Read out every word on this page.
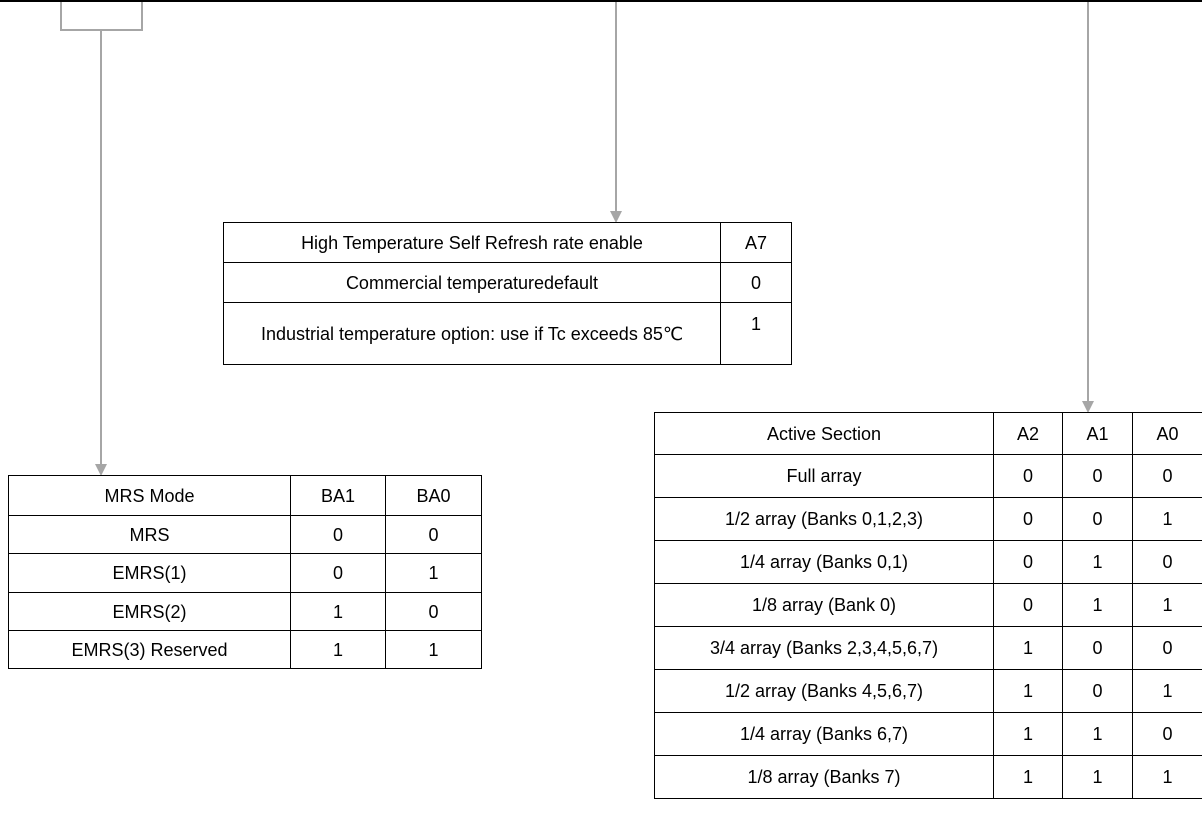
High Temperature Self Refresh rate enable	A7
Commercial temperaturedefault	0
Industrial temperature option: use if Tc exceeds 85℃	1
MRS Mode	BA1	BA0
MRS	0	0
EMRS(1)	0	1
EMRS(2)	1	0
EMRS(3) Reserved	1	1
Active Section	A2	A1	A0
Full array	0	0	0
1/2 array (Banks 0,1,2,3)	0	0	1
1/4 array (Banks 0,1)	0	1	0
1/8 array (Bank 0)	0	1	1
3/4 array (Banks 2,3,4,5,6,7)	1	0	0
1/2 array (Banks 4,5,6,7)	1	0	1
1/4 array (Banks 6,7)	1	1	0
1/8 array (Banks 7)	1	1	1
